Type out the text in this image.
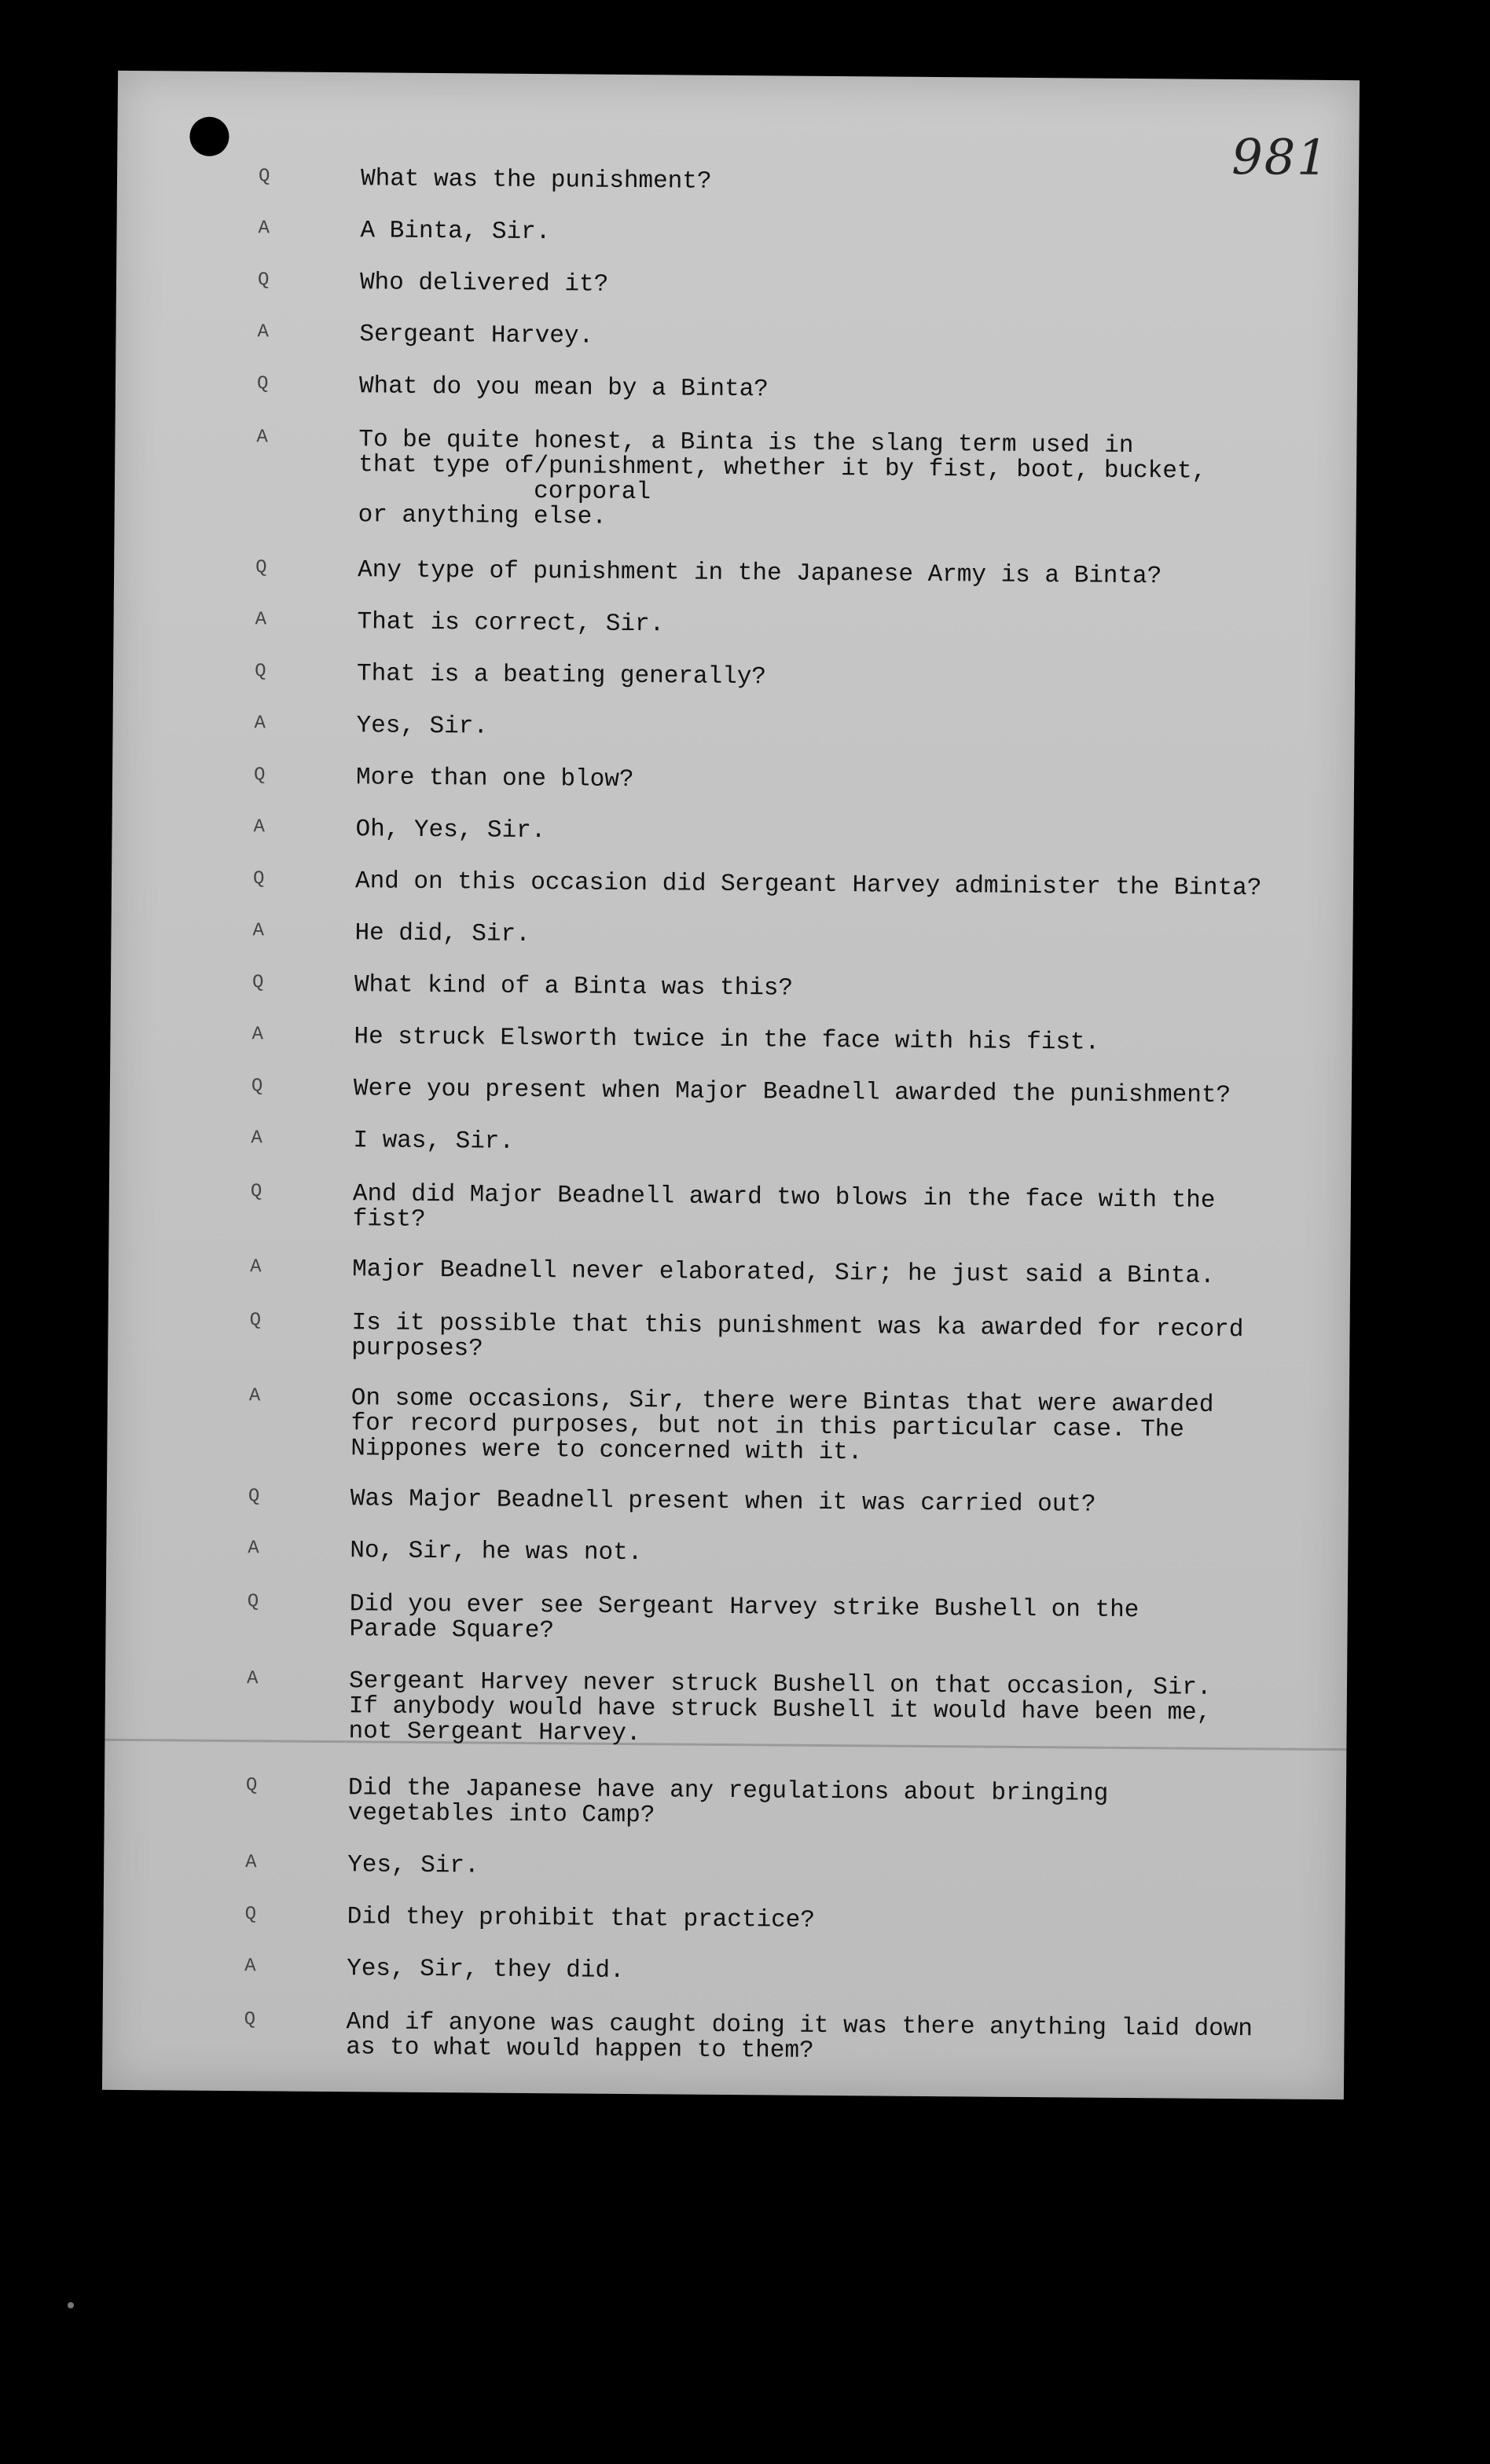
981
Q	What was the punishment?
A	A Binta, Sir.
Q	Who delivered it?
A	Sergeant Harvey.
Q	What do you mean by a Binta?
A	To be quite honest, a Binta is the slang term used in
that type of/punishment, whether it by fist, boot, bucket,
corporal
or anything else.
Q	Any type of punishment in the Japanese Army is a Binta?
A	That is correct, Sir.
Q	That is a beating generally?
A	Yes, Sir.
Q	More than one blow?
A	Oh, Yes, Sir.
Q	And on this occasion did Sergeant Harvey administer the Binta?
A	He did, Sir.
Q	What kind of a Binta was this?
A	He struck Elsworth twice in the face with his fist.
Q	Were you present when Major Beadnell awarded the punishment?
A	I was, Sir.
Q	And did Major Beadnell award two blows in the face with the
fist?
A	Major Beadnell never elaborated, Sir; he just said a Binta.
Q	Is it possible that this punishment was ka awarded for record
purposes?
A	On some occasions, Sir, there were Bintas that were awarded
for record purposes, but not in this particular case. The
Nippones were to concerned with it.
Q	Was Major Beadnell present when it was carried out?
A	No, Sir, he was not.
Q	Did you ever see Sergeant Harvey strike Bushell on the
Parade Square?
A	Sergeant Harvey never struck Bushell on that occasion, Sir.
If anybody would have struck Bushell it would have been me,
not Sergeant Harvey.
Q	Did the Japanese have any regulations about bringing
vegetables into Camp?
A	Yes, Sir.
Q	Did they prohibit that practice?
A	Yes, Sir, they did.
Q	And if anyone was caught doing it was there anything laid down
as to what would happen to them?
